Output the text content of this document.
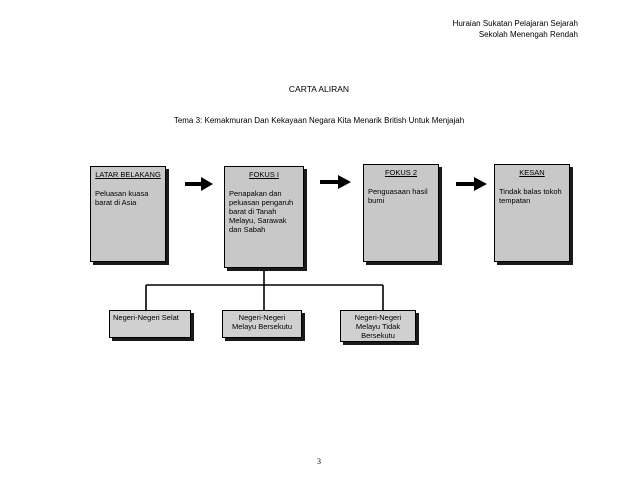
Huraian Sukatan Pelajaran Sejarah
Sekolah Menengah Rendah
CARTA ALIRAN
Tema 3: Kemakmuran Dan Kekayaan Negara Kita Menarik British Untuk Menjajah
LATAR BELAKANG
Peluasan kuasa barat di Asia
FOKUS I
Penapakan dan peluasan pengaruh barat di Tanah Melayu, Sarawak dan Sabah
FOKUS 2
Penguasaan hasil bumi
KESAN
Tindak balas tokoh tempatan
Negeri-Negeri Selat	Negeri-Negeri Melayu Bersekutu
Negeri-Negeri Melayu Tidak Bersekutu
3
